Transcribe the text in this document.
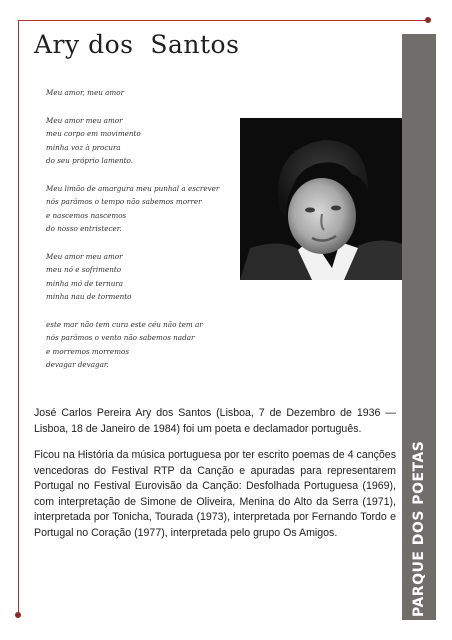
PARQUE DOS POETAS
Ary dos  Santos
Meu amor, meu amor
Meu amor meu amor
meu corpo em movimento
minha voz à procura
do seu próprio lamento.
Meu limão de amargura meu punhal a escrever
nós parámos o tempo não sabemos morrer
e nascemos nascemos
do nosso entristecer.
Meu amor meu amor
meu nó e sofrimento
minha mó de ternura
minha nau de tormento
este mar não tem cura este céu não tem ar
nós parámos o vento não sabemos nadar
e morremos morremos
devagar devagar.

José Carlos Pereira Ary dos Santos (Lisboa, 7 de Dezembro de 1936 — Lisboa, 18 de Janeiro de 1984) foi um poeta e declamador português.

Ficou na História da música portuguesa por ter escrito poemas de 4 canções vencedoras do Festival RTP da Canção e apuradas para representarem Portugal no Festival Eurovisão da Canção: Desfolhada Portuguesa (1969), com interpretação de Simone de Oliveira, Menina do Alto da Serra (1971), interpretada por Tonicha, Tourada (1973), interpretada por Fernando Tordo e Portugal no Coração (1977), interpretada pelo grupo Os Amigos.
